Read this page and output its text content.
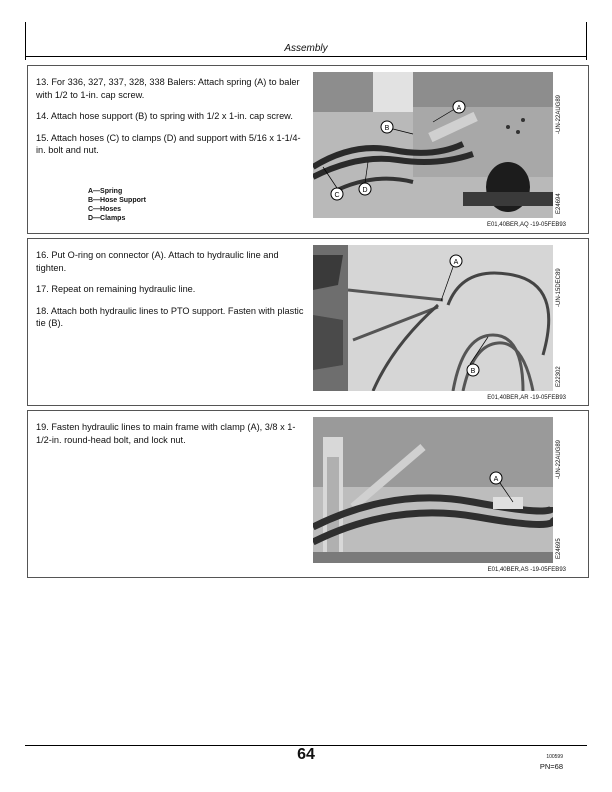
Assembly

13. For 336, 327, 337, 328, 338 Balers: Attach spring (A) to baler with 1/2 to 1-in. cap screw.

14. Attach hose support (B) to spring with 1/2 x 1-in. cap screw.

15. Attach hoses (C) to clamps (D) and support with 5/16 x 1-1/4-in. bolt and nut.

A—Spring
B—Hose Support
C—Hoses
D—Clamps
A
B
C
D
-UN-22AUG89
E24694
E01,40BER,AQ -19-05FEB93

16. Put O-ring on connector (A). Attach to hydraulic line and tighten.

17. Repeat on remaining hydraulic line.

18. Attach both hydraulic lines to PTO support. Fasten with plastic tie (B).

A
B
-UN-15DEC89
E22302
E01,40BER,AR -19-05FEB93

19. Fasten hydraulic lines to main frame with clamp (A), 3/8 x 1-1/2-in. round-head bolt, and lock nut.

A
-UN-22AUG89
E24695
E01,40BER,AS -19-05FEB93
64	100599
PN=68
